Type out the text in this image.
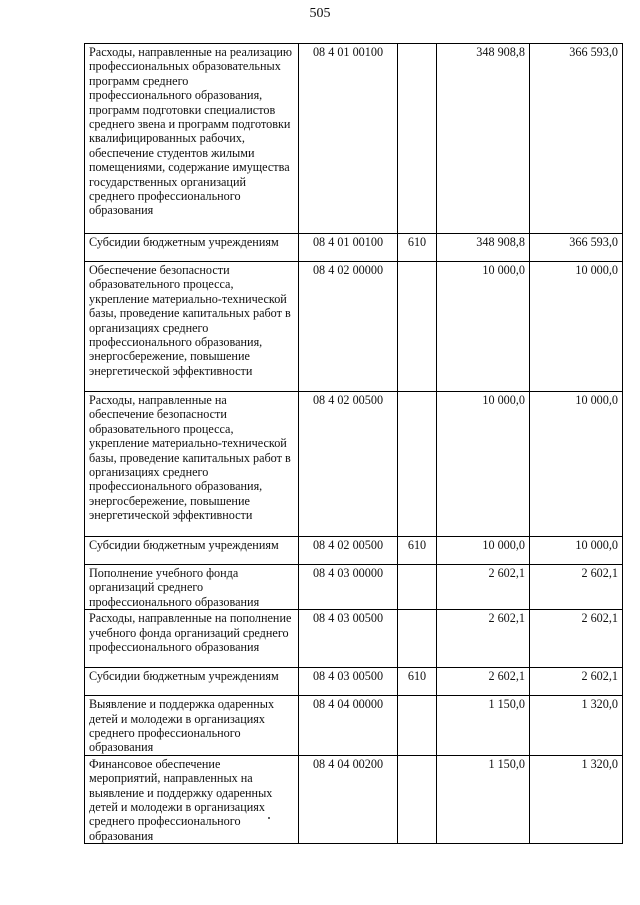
505
Расходы, направленные на реализацию профессиональных образовательных программ среднего профессионального образования, программ подготовки специалистов среднего звена и программ подготовки квалифицированных рабочих, обеспечение студентов жилыми помещениями, содержание имущества государственных организаций среднего профессионального образования	08 4 01 00100		348 908,8	366 593,0
Субсидии бюджетным учреждениям	08 4 01 00100	610	348 908,8	366 593,0
Обеспечение безопасности образовательного процесса, укрепление материально-технической базы, проведение капитальных работ в организациях среднего профессионального образования, энергосбережение, повышение энергетической эффективности	08 4 02 00000		10 000,0	10 000,0
Расходы, направленные на обеспечение безопасности образовательного процесса, укрепление материально-технической базы, проведение капитальных работ в организациях среднего профессионального образования, энергосбережение, повышение энергетической эффективности	08 4 02 00500		10 000,0	10 000,0
Субсидии бюджетным учреждениям	08 4 02 00500	610	10 000,0	10 000,0
Пополнение учебного фонда организаций среднего профессионального образования	08 4 03 00000		2 602,1	2 602,1
Расходы, направленные на пополнение учебного фонда организаций среднего профессионального образования	08 4 03 00500		2 602,1	2 602,1
Субсидии бюджетным учреждениям	08 4 03 00500	610	2 602,1	2 602,1
Выявление и поддержка одаренных детей и молодежи в организациях среднего профессионального образования	08 4 04 00000		1 150,0	1 320,0
Финансовое обеспечение мероприятий, направленных на выявление и поддержку одаренных детей и молодежи в организациях среднего профессионального образования	08 4 04 00200		1 150,0	1 320,0
